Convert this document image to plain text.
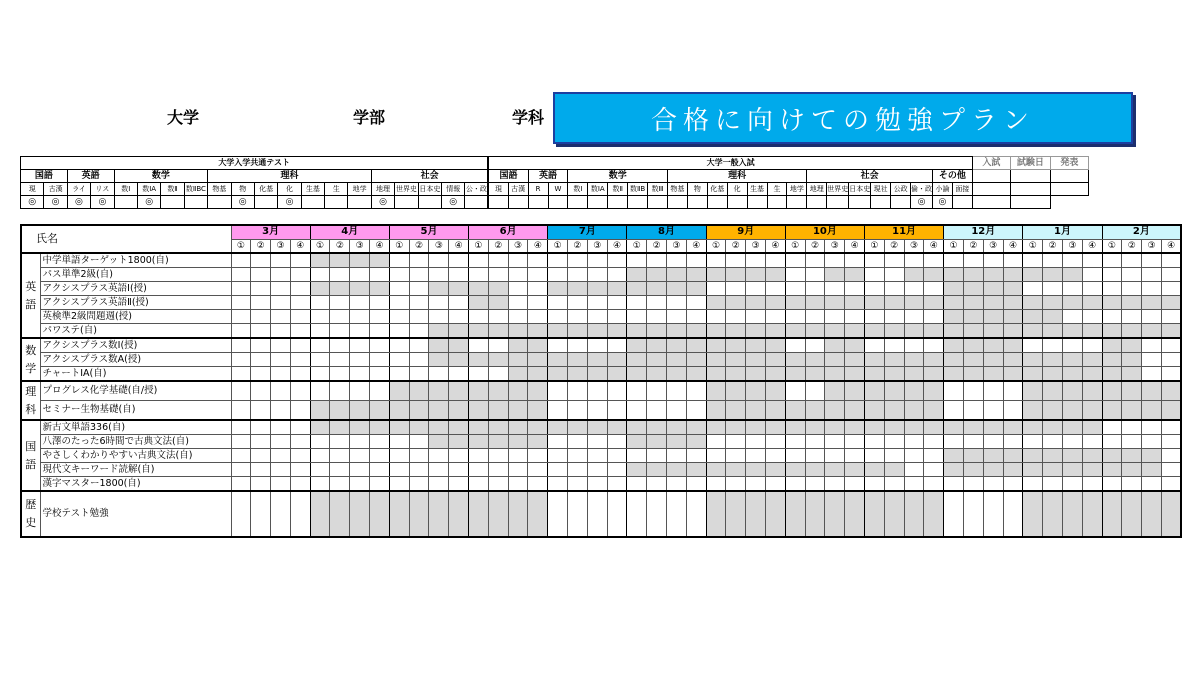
大学	学部	学科	合格に向けての勉強プラン
大学入学共通テスト																				大学一般入試																								入試	試験日	発表
国語		英語		数学				理科							社会					国語		英語		数学					理科							社会						その他				
現	古漢	ライ	リス	数Ⅰ	数ⅠA	数Ⅱ	数ⅡBC	物基	物	化基	化	生基	生	地学	地理	世界史	日本史	情報	公・政	現	古漢	R	W	数Ⅰ	数ⅠA	数Ⅱ	数ⅡB	数Ⅲ	物基	物	化基	化	生基	生	地学	地理	世界史	日本史	現社	公政	倫・政	小論	面接			
◎	◎	◎	◎		◎				◎		◎				◎			◎																							◎	◎				
氏名		3月				4月				5月				6月				7月				8月				9月				10月				11月				12月				1月				2月			
		①	②	③	④	①	②	③	④	①	②	③	④	①	②	③	④	①	②	③	④	①	②	③	④	①	②	③	④	①	②	③	④	①	②	③	④	①	②	③	④	①	②	③	④	①	②	③	④
英
語	中学単語ターゲット1800(自)																																																
	パス単準2級(自)																																																
	アクシスプラス英語Ⅰ(授)																																																
	アクシスプラス英語Ⅱ(授)																																																
	英検準2級問題週(授)																																																
	パワステ(自)																																																
数
学	アクシスプラス数Ⅰ(授)																																																
	アクシスプラス数A(授)																																																
	チャートⅠA(自)																																																
理
科	プログレス化学基礎(自/授)																																																
	セミナー生物基礎(自)																																																
国
語	新古文単語336(自)																																																
	八澤のたった6時間で古典文法(自)																																																
	やさしくわかりやすい古典文法(自)																																																
	現代文キーワード読解(自)																																																
	漢字マスター1800(自)																																																
歴
史	学校テスト勉強																																																
